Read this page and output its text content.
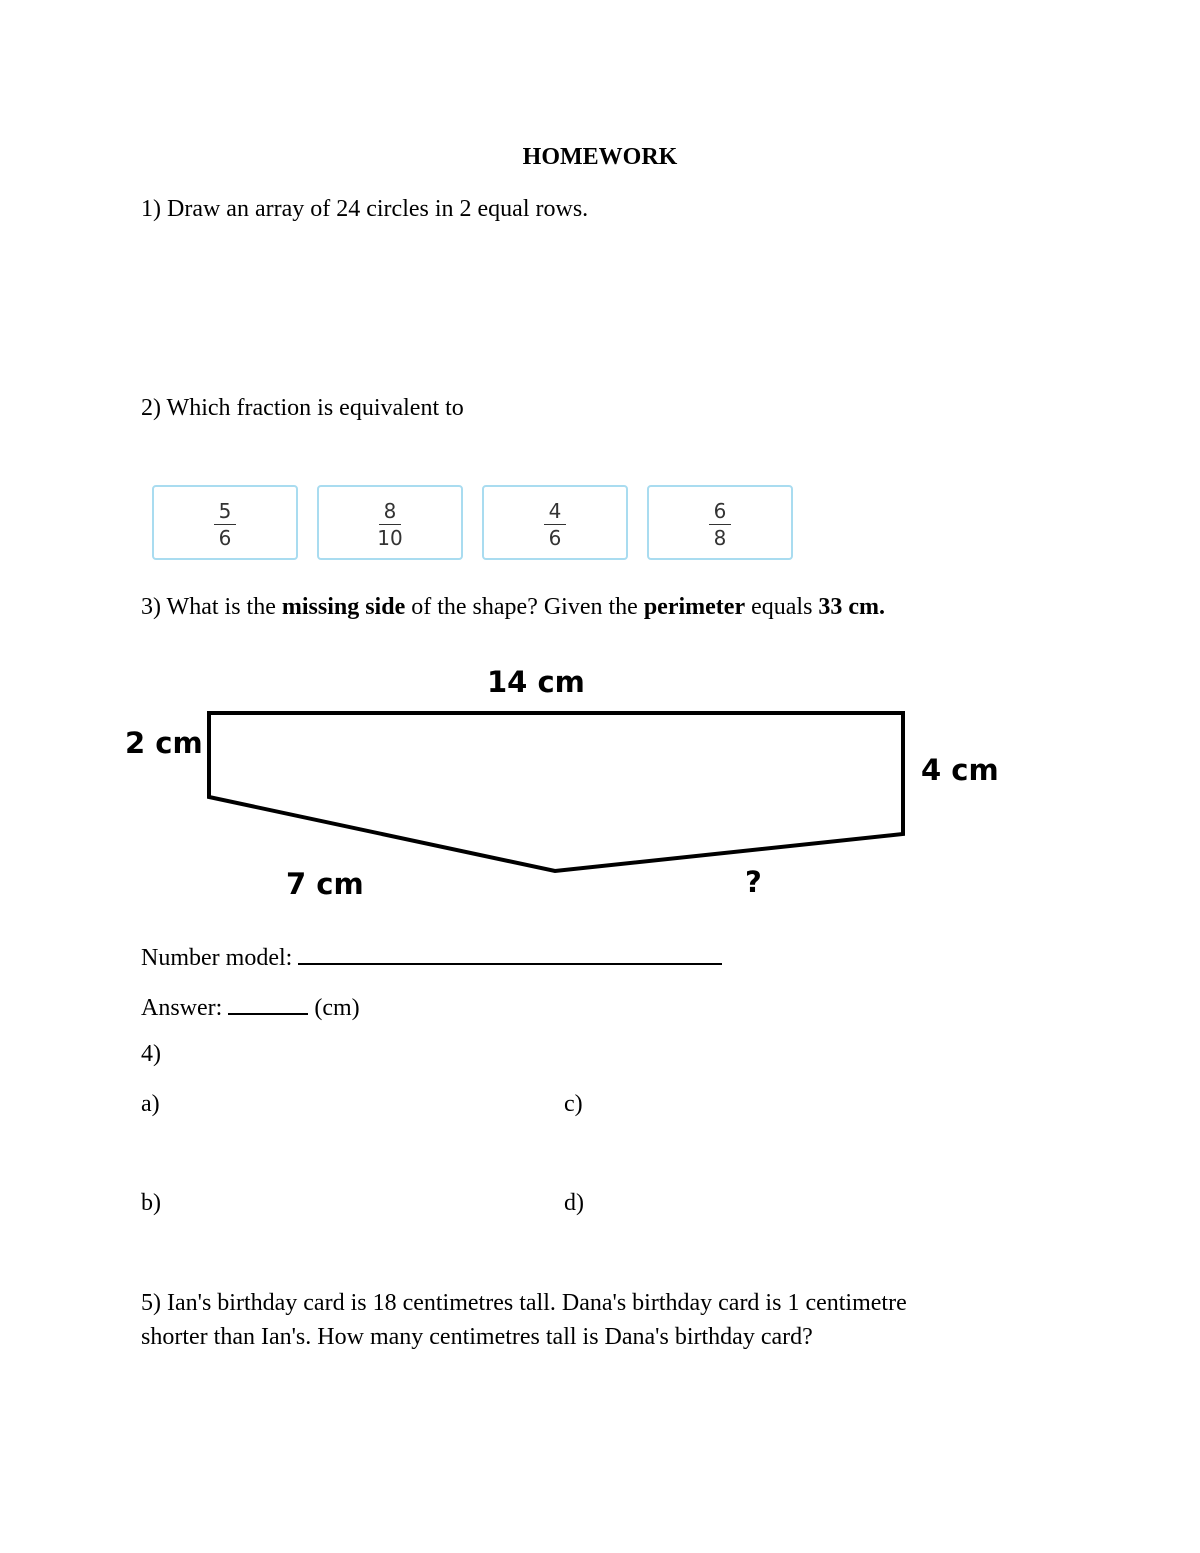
HOMEWORK
1) Draw an array of 24 circles in 2 equal rows.
2) Which fraction is equivalent to
5
6
8
10
4
6
6
8
3) What is the missing side of the shape? Given the perimeter equals 33 cm.
14 cm
2 cm
4 cm
7 cm	?
Number model:
Answer:	(cm)
4)
a)	c)
b)	d)
5) Ian's birthday card is 18 centimetres tall. Dana's birthday card is 1 centimetre
shorter than Ian's. How many centimetres tall is Dana's birthday card?
